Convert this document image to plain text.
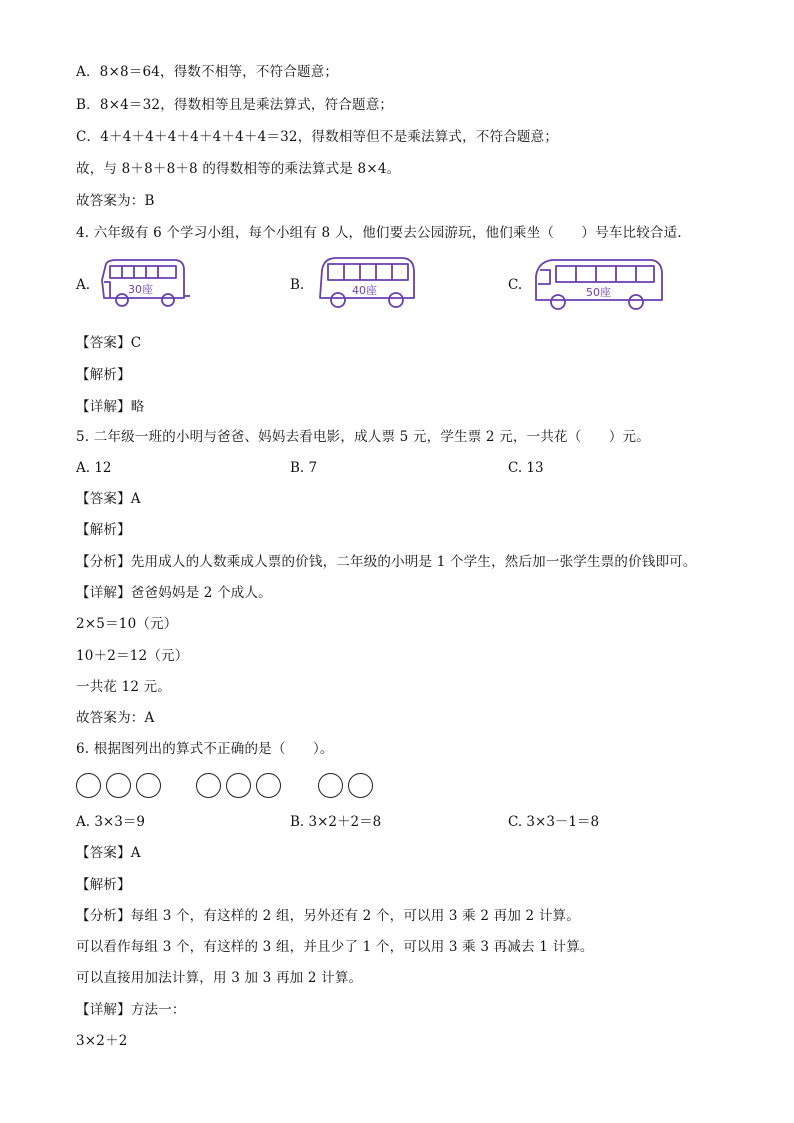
A．8×8＝64，得数不相等，不符合题意；
B．8×4＝32，得数相等且是乘法算式，符合题意；
C．4＋4＋4＋4＋4＋4＋4＋4＝32，得数相等但不是乘法算式，不符合题意；
故，与 8＋8＋8＋8 的得数相等的乘法算式是 8×4。
故答案为：B
4. 六年级有 6 个学习小组，每个小组有 8 人，他们要去公园游玩，他们乘坐（　　）号车比较合适．
A.	30座	B.	40座	C.	50座
【答案】C
【解析】
【详解】略
5. 二年级一班的小明与爸爸、妈妈去看电影，成人票 5 元，学生票 2 元，一共花（　　）元。
A. 12	B. 7	C. 13
【答案】A
【解析】
【分析】先用成人的人数乘成人票的价钱，二年级的小明是 1 个学生，然后加一张学生票的价钱即可。
【详解】爸爸妈妈是 2 个成人。
2×5＝10（元）
10＋2＝12（元）
一共花 12 元。
故答案为：A
6. 根据图列出的算式不正确的是（　　）。
A. 3×3＝9	B. 3×2＋2＝8	C. 3×3－1＝8
【答案】A
【解析】
【分析】每组 3 个，有这样的 2 组，另外还有 2 个，可以用 3 乘 2 再加 2 计算。
可以看作每组 3 个，有这样的 3 组，并且少了 1 个，可以用 3 乘 3 再减去 1 计算。
可以直接用加法计算，用 3 加 3 再加 2 计算。
【详解】方法一：
3×2＋2
